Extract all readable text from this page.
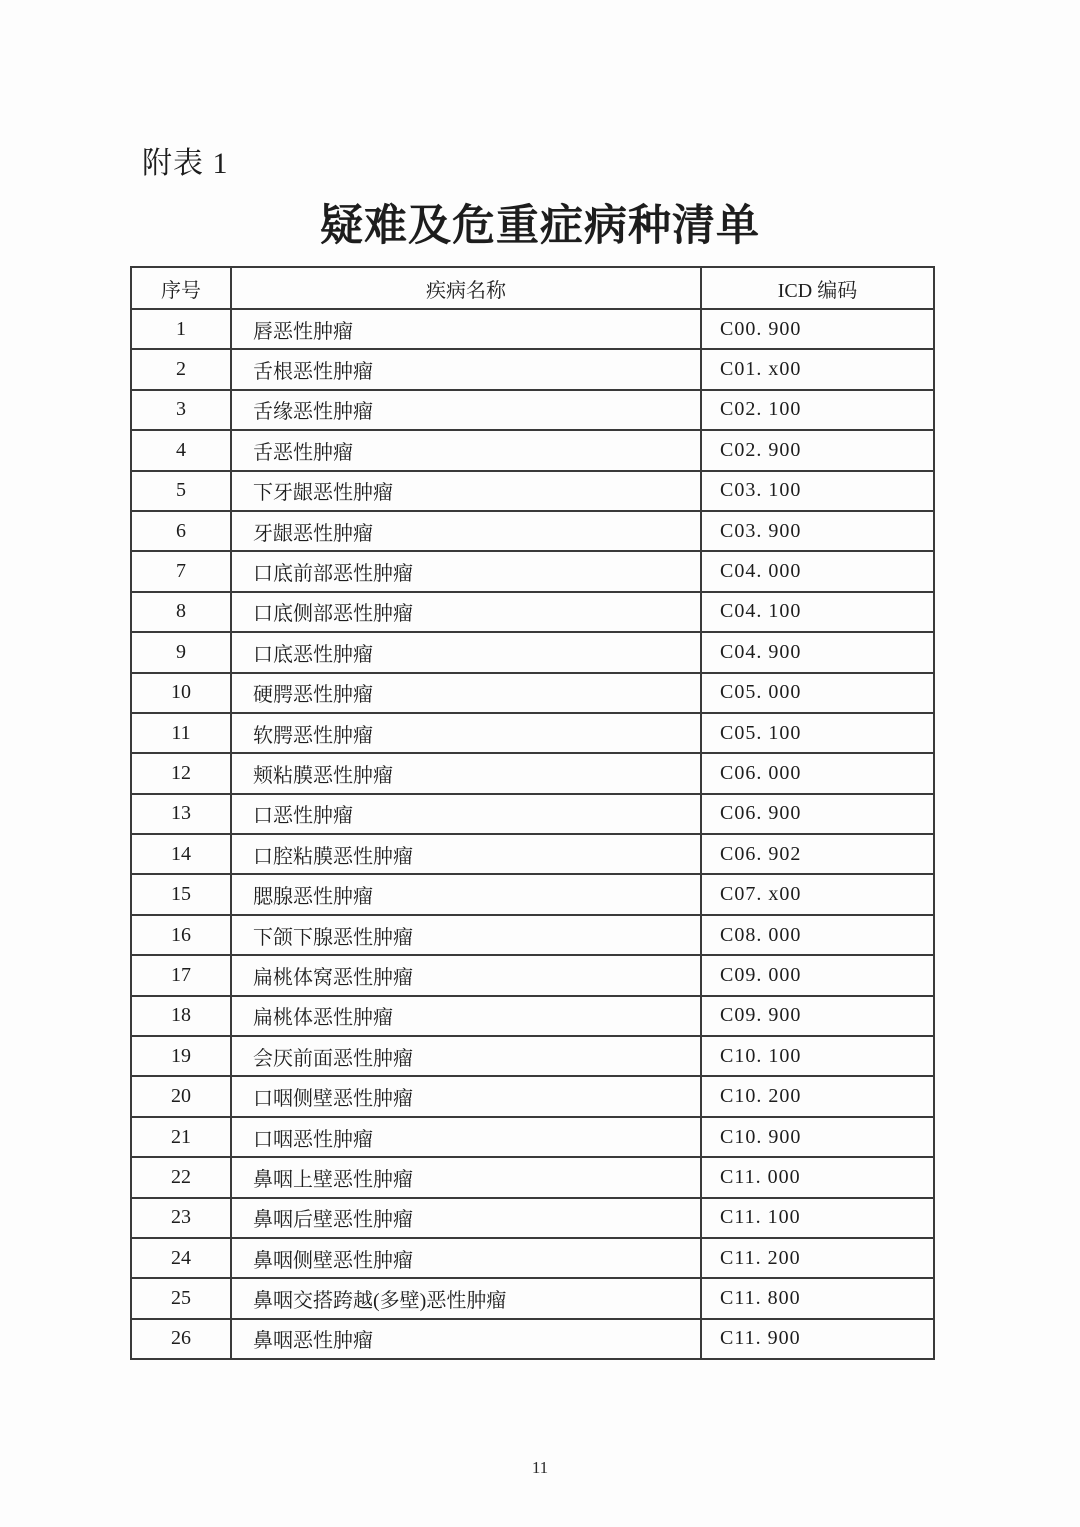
附表 1
疑难及危重症病种清单
序号	疾病名称	ICD 编码
1	唇恶性肿瘤	C00. 900
2	舌根恶性肿瘤	C01. x00
3	舌缘恶性肿瘤	C02. 100
4	舌恶性肿瘤	C02. 900
5	下牙龈恶性肿瘤	C03. 100
6	牙龈恶性肿瘤	C03. 900
7	口底前部恶性肿瘤	C04. 000
8	口底侧部恶性肿瘤	C04. 100
9	口底恶性肿瘤	C04. 900
10	硬腭恶性肿瘤	C05. 000
11	软腭恶性肿瘤	C05. 100
12	颊粘膜恶性肿瘤	C06. 000
13	口恶性肿瘤	C06. 900
14	口腔粘膜恶性肿瘤	C06. 902
15	腮腺恶性肿瘤	C07. x00
16	下颌下腺恶性肿瘤	C08. 000
17	扁桃体窝恶性肿瘤	C09. 000
18	扁桃体恶性肿瘤	C09. 900
19	会厌前面恶性肿瘤	C10. 100
20	口咽侧壁恶性肿瘤	C10. 200
21	口咽恶性肿瘤	C10. 900
22	鼻咽上壁恶性肿瘤	C11. 000
23	鼻咽后壁恶性肿瘤	C11. 100
24	鼻咽侧壁恶性肿瘤	C11. 200
25	鼻咽交搭跨越(多壁)恶性肿瘤	C11. 800
26	鼻咽恶性肿瘤	C11. 900
11
